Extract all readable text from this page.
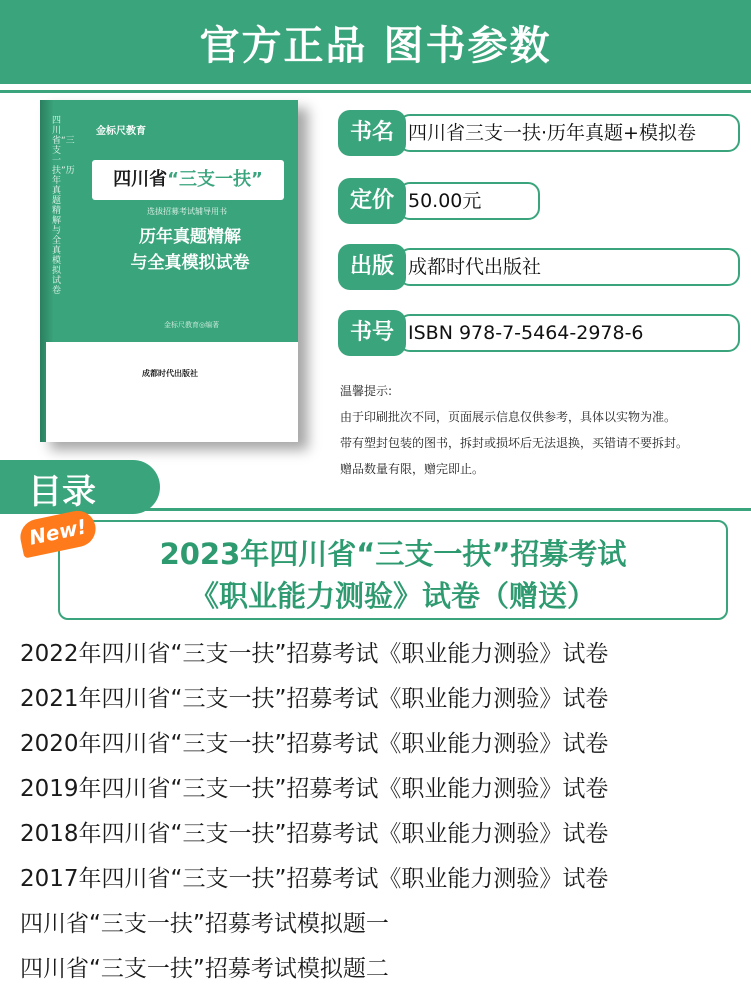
官方正品 图书参数
四川省“三支一扶”历年真题精解与全真模拟试卷
金标尺教育
四川省“三支一扶”
选拔招募考试辅导用书
历年真题精解
与全真模拟试卷
金标尺教育◎编著
成都时代出版社
四川省三支一扶·历年真题+模拟卷
书名
50.00元
定价
成都时代出版社
出版
ISBN 978-7-5464-2978-6
书号
温馨提示:
由于印刷批次不同，页面展示信息仅供参考，具体以实物为准。
带有塑封包装的图书，拆封或损坏后无法退换，买错请不要拆封。
赠品数量有限，赠完即止。
目录
2023年四川省“三支一扶”招募考试
《职业能力测验》试卷（赠送）
New!
2022年四川省“三支一扶”招募考试《职业能力测验》试卷
2021年四川省“三支一扶”招募考试《职业能力测验》试卷
2020年四川省“三支一扶”招募考试《职业能力测验》试卷
2019年四川省“三支一扶”招募考试《职业能力测验》试卷
2018年四川省“三支一扶”招募考试《职业能力测验》试卷
2017年四川省“三支一扶”招募考试《职业能力测验》试卷
四川省“三支一扶”招募考试模拟题一
四川省“三支一扶”招募考试模拟题二
